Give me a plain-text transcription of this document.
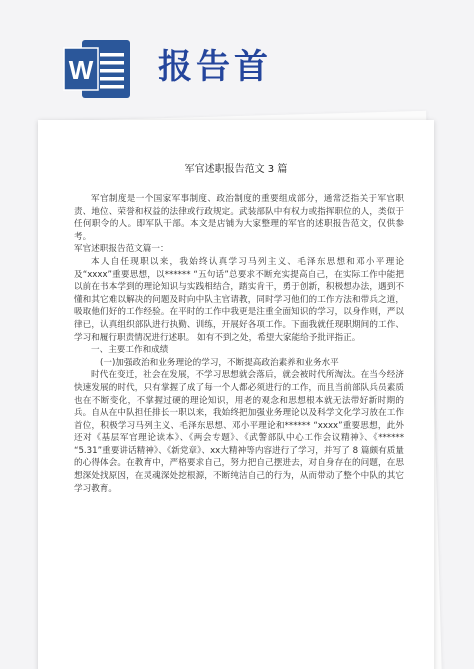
W 报告首
军官述职报告范文 3 篇

军官制度是一个国家军事制度、政治制度的重要组成部分，通常泛指关于军官职责、地位、荣誉和权益的法律或行政规定。武装部队中有权力或指挥职位的人，类似于任何职令的人。即军队干部。本文是店铺为大家整理的军官的述职报告范文，仅供参考。

军官述职报告范文篇一：

本人自任现职以来，我始终认真学习马列主义、毛泽东思想和邓小平理论及“xxxx”重要思想，以****** “五句话”总要求不断充实提高自己，在实际工作中能把以前在书本学到的理论知识与实践相结合，踏实肯干，勇于创新，积极想办法，遇到不懂和其它难以解决的问题及时向中队主官请教，同时学习他们的工作方法和带兵之道，吸取他们好的工作经验。在平时的工作中我更是注重全面知识的学习，以身作则，严以律已，认真组织部队进行执勤、训练，开展好各项工作。下面我就任现职期间的工作、学习和履行职责情况进行述职。 如有不到之处，希望大家能给予批评指正。

一、主要工作和成绩

(一)加强政治和业务理论的学习，不断提高政治素养和业务水平

时代在变迁，社会在发展，不学习思想就会落后，就会被时代所淘汰。在当今经济快速发展的时代，只有掌握了成了每一个人都必须进行的工作，而且当前部队兵员素质也在不断变化，不掌握过硬的理论知识，用老的观念和思想根本就无法带好新时期的兵。自从在中队担任排长一职以来，我始终把加强业务理论以及科学文化学习放在工作首位，积极学习马列主义、毛泽东思想、邓小平理论和****** “xxxx”重要思想，此外还对《基层军官理论读本》、《两会专题》、《武警部队中心工作会议精神》、《****** “5.31”重要讲话精神》、《新党章》、xx大精神等内容进行了学习，并写了 8 篇颇有质量的心得体会。在教育中，严格要求自己，努力把自己摆进去，对自身存在的问题，在思想深处找原因，在灵魂深处挖根源，不断纯洁自己的行为，从而带动了整个中队的其它学习教育。
